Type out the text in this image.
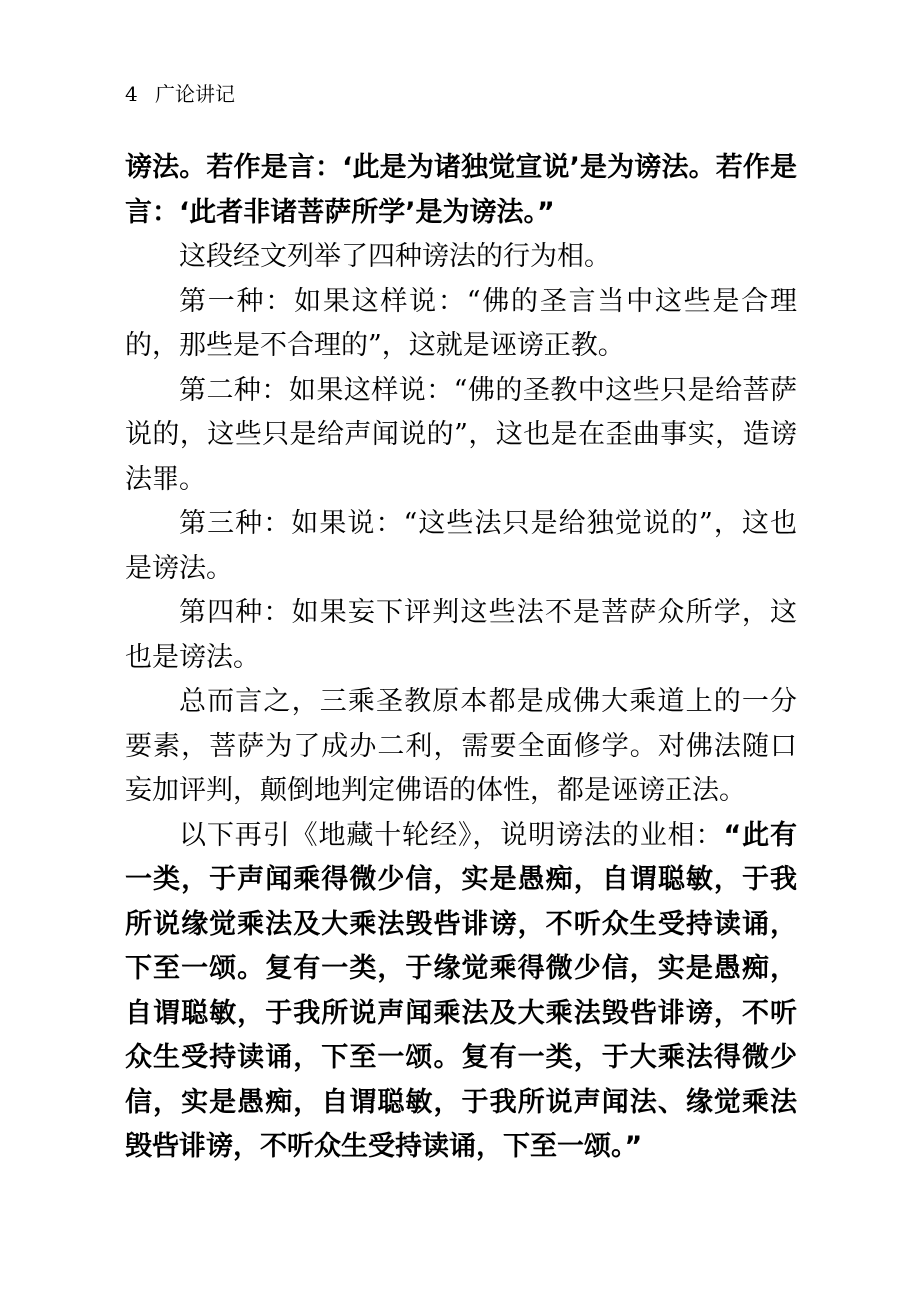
4 广论讲记

谤法。若作是言：‘此是为诸独觉宣说’是为谤法。若作是言：‘此者非诸菩萨所学’是为谤法。”

这段经文列举了四种谤法的行为相。

第一种：如果这样说：“佛的圣言当中这些是合理的，那些是不合理的”，这就是诬谤正教。

第二种：如果这样说：“佛的圣教中这些只是给菩萨说的，这些只是给声闻说的”，这也是在歪曲事实，造谤法罪。

第三种：如果说：“这些法只是给独觉说的”，这也是谤法。

第四种：如果妄下评判这些法不是菩萨众所学，这也是谤法。

总而言之，三乘圣教原本都是成佛大乘道上的一分要素，菩萨为了成办二利，需要全面修学。对佛法随口妄加评判，颠倒地判定佛语的体性，都是诬谤正法。

以下再引《地藏十轮经》，说明谤法的业相：“此有一类，于声闻乘得微少信，实是愚痴，自谓聪敏，于我所说缘觉乘法及大乘法毁呰诽谤，不听众生受持读诵，下至一颂。复有一类，于缘觉乘得微少信，实是愚痴，自谓聪敏，于我所说声闻乘法及大乘法毁呰诽谤，不听众生受持读诵，下至一颂。复有一类，于大乘法得微少信，实是愚痴，自谓聪敏，于我所说声闻法、缘觉乘法毁呰诽谤，不听众生受持读诵，下至一颂。”
